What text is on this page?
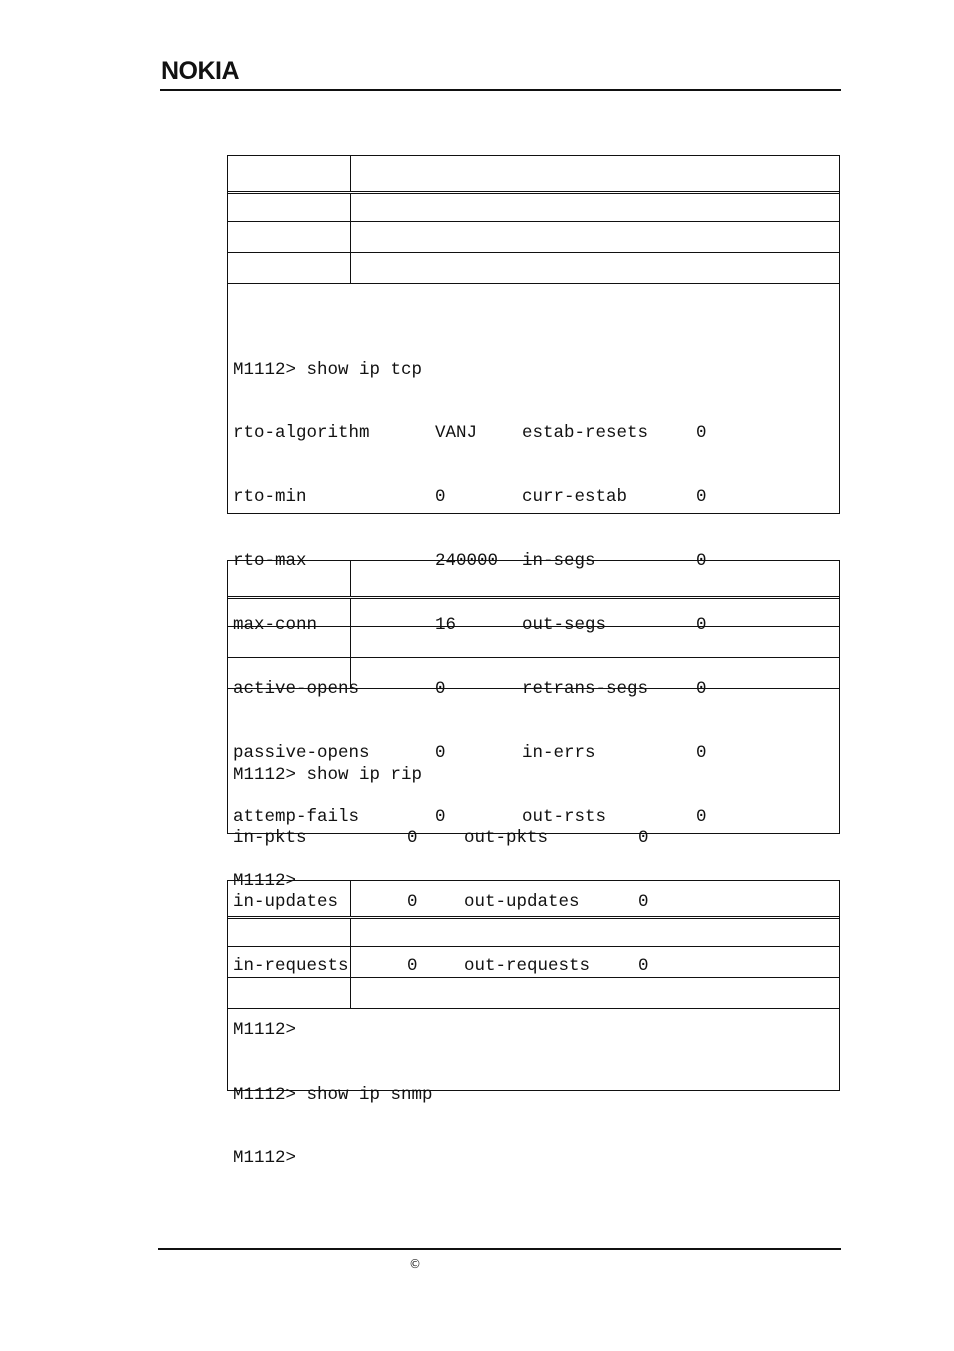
NOKIA

M1112> show ip tcp

rto-algorithm	VANJ	estab-resets	0

rto-min	0	curr-estab	0

rto-max	240000 in-segs	0

max-conn	16	out-segs	0

active-opens	0	retrans-segs	0

passive-opens	0	in-errs	0

attemp-fails	0	out-rsts	0

M1112>

M1112> show ip rip

in-pkts	0	out-pkts	0

in-updates	0	out-updates	0

in-requests	0	out-requests	0

M1112>

M1112> show ip snmp

M1112>

©
